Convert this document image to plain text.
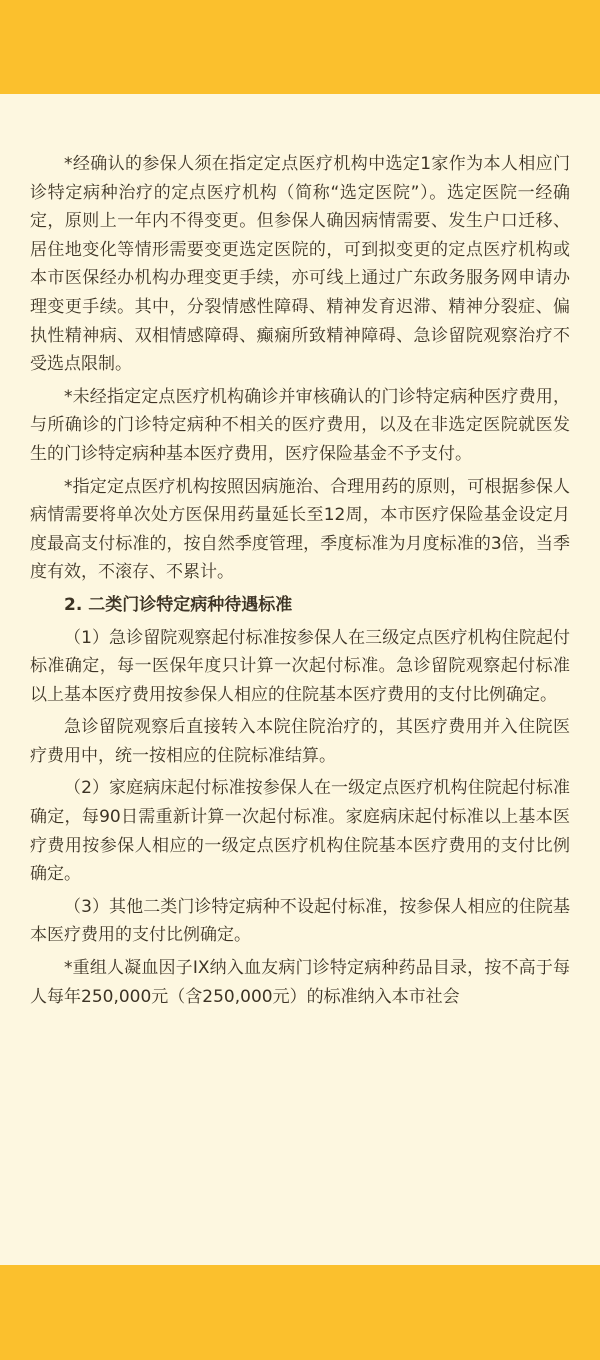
*经确认的参保人须在指定定点医疗机构中选定1家作为本人相应门诊特定病种治疗的定点医疗机构（简称“选定医院”）。选定医院一经确定，原则上一年内不得变更。但参保人确因病情需要、发生户口迁移、居住地变化等情形需要变更选定医院的，可到拟变更的定点医疗机构或本市医保经办机构办理变更手续，亦可线上通过广东政务服务网申请办理变更手续。其中，分裂情感性障碍、精神发育迟滞、精神分裂症、偏执性精神病、双相情感障碍、癫痫所致精神障碍、急诊留院观察治疗不受选点限制。

*未经指定定点医疗机构确诊并审核确认的门诊特定病种医疗费用，与所确诊的门诊特定病种不相关的医疗费用，以及在非选定医院就医发生的门诊特定病种基本医疗费用，医疗保险基金不予支付。

*指定定点医疗机构按照因病施治、合理用药的原则，可根据参保人病情需要将单次处方医保用药量延长至12周，本市医疗保险基金设定月度最高支付标准的，按自然季度管理，季度标准为月度标准的3倍，当季度有效，不滚存、不累计。

2. 二类门诊特定病种待遇标准

（1）急诊留院观察起付标准按参保人在三级定点医疗机构住院起付标准确定，每一医保年度只计算一次起付标准。急诊留院观察起付标准以上基本医疗费用按参保人相应的住院基本医疗费用的支付比例确定。

急诊留院观察后直接转入本院住院治疗的，其医疗费用并入住院医疗费用中，统一按相应的住院标准结算。

（2）家庭病床起付标准按参保人在一级定点医疗机构住院起付标准确定，每90日需重新计算一次起付标准。家庭病床起付标准以上基本医疗费用按参保人相应的一级定点医疗机构住院基本医疗费用的支付比例确定。

（3）其他二类门诊特定病种不设起付标准，按参保人相应的住院基本医疗费用的支付比例确定。

*重组人凝血因子IX纳入血友病门诊特定病种药品目录，按不高于每人每年250,000元（含250,000元）的标准纳入本市社会
